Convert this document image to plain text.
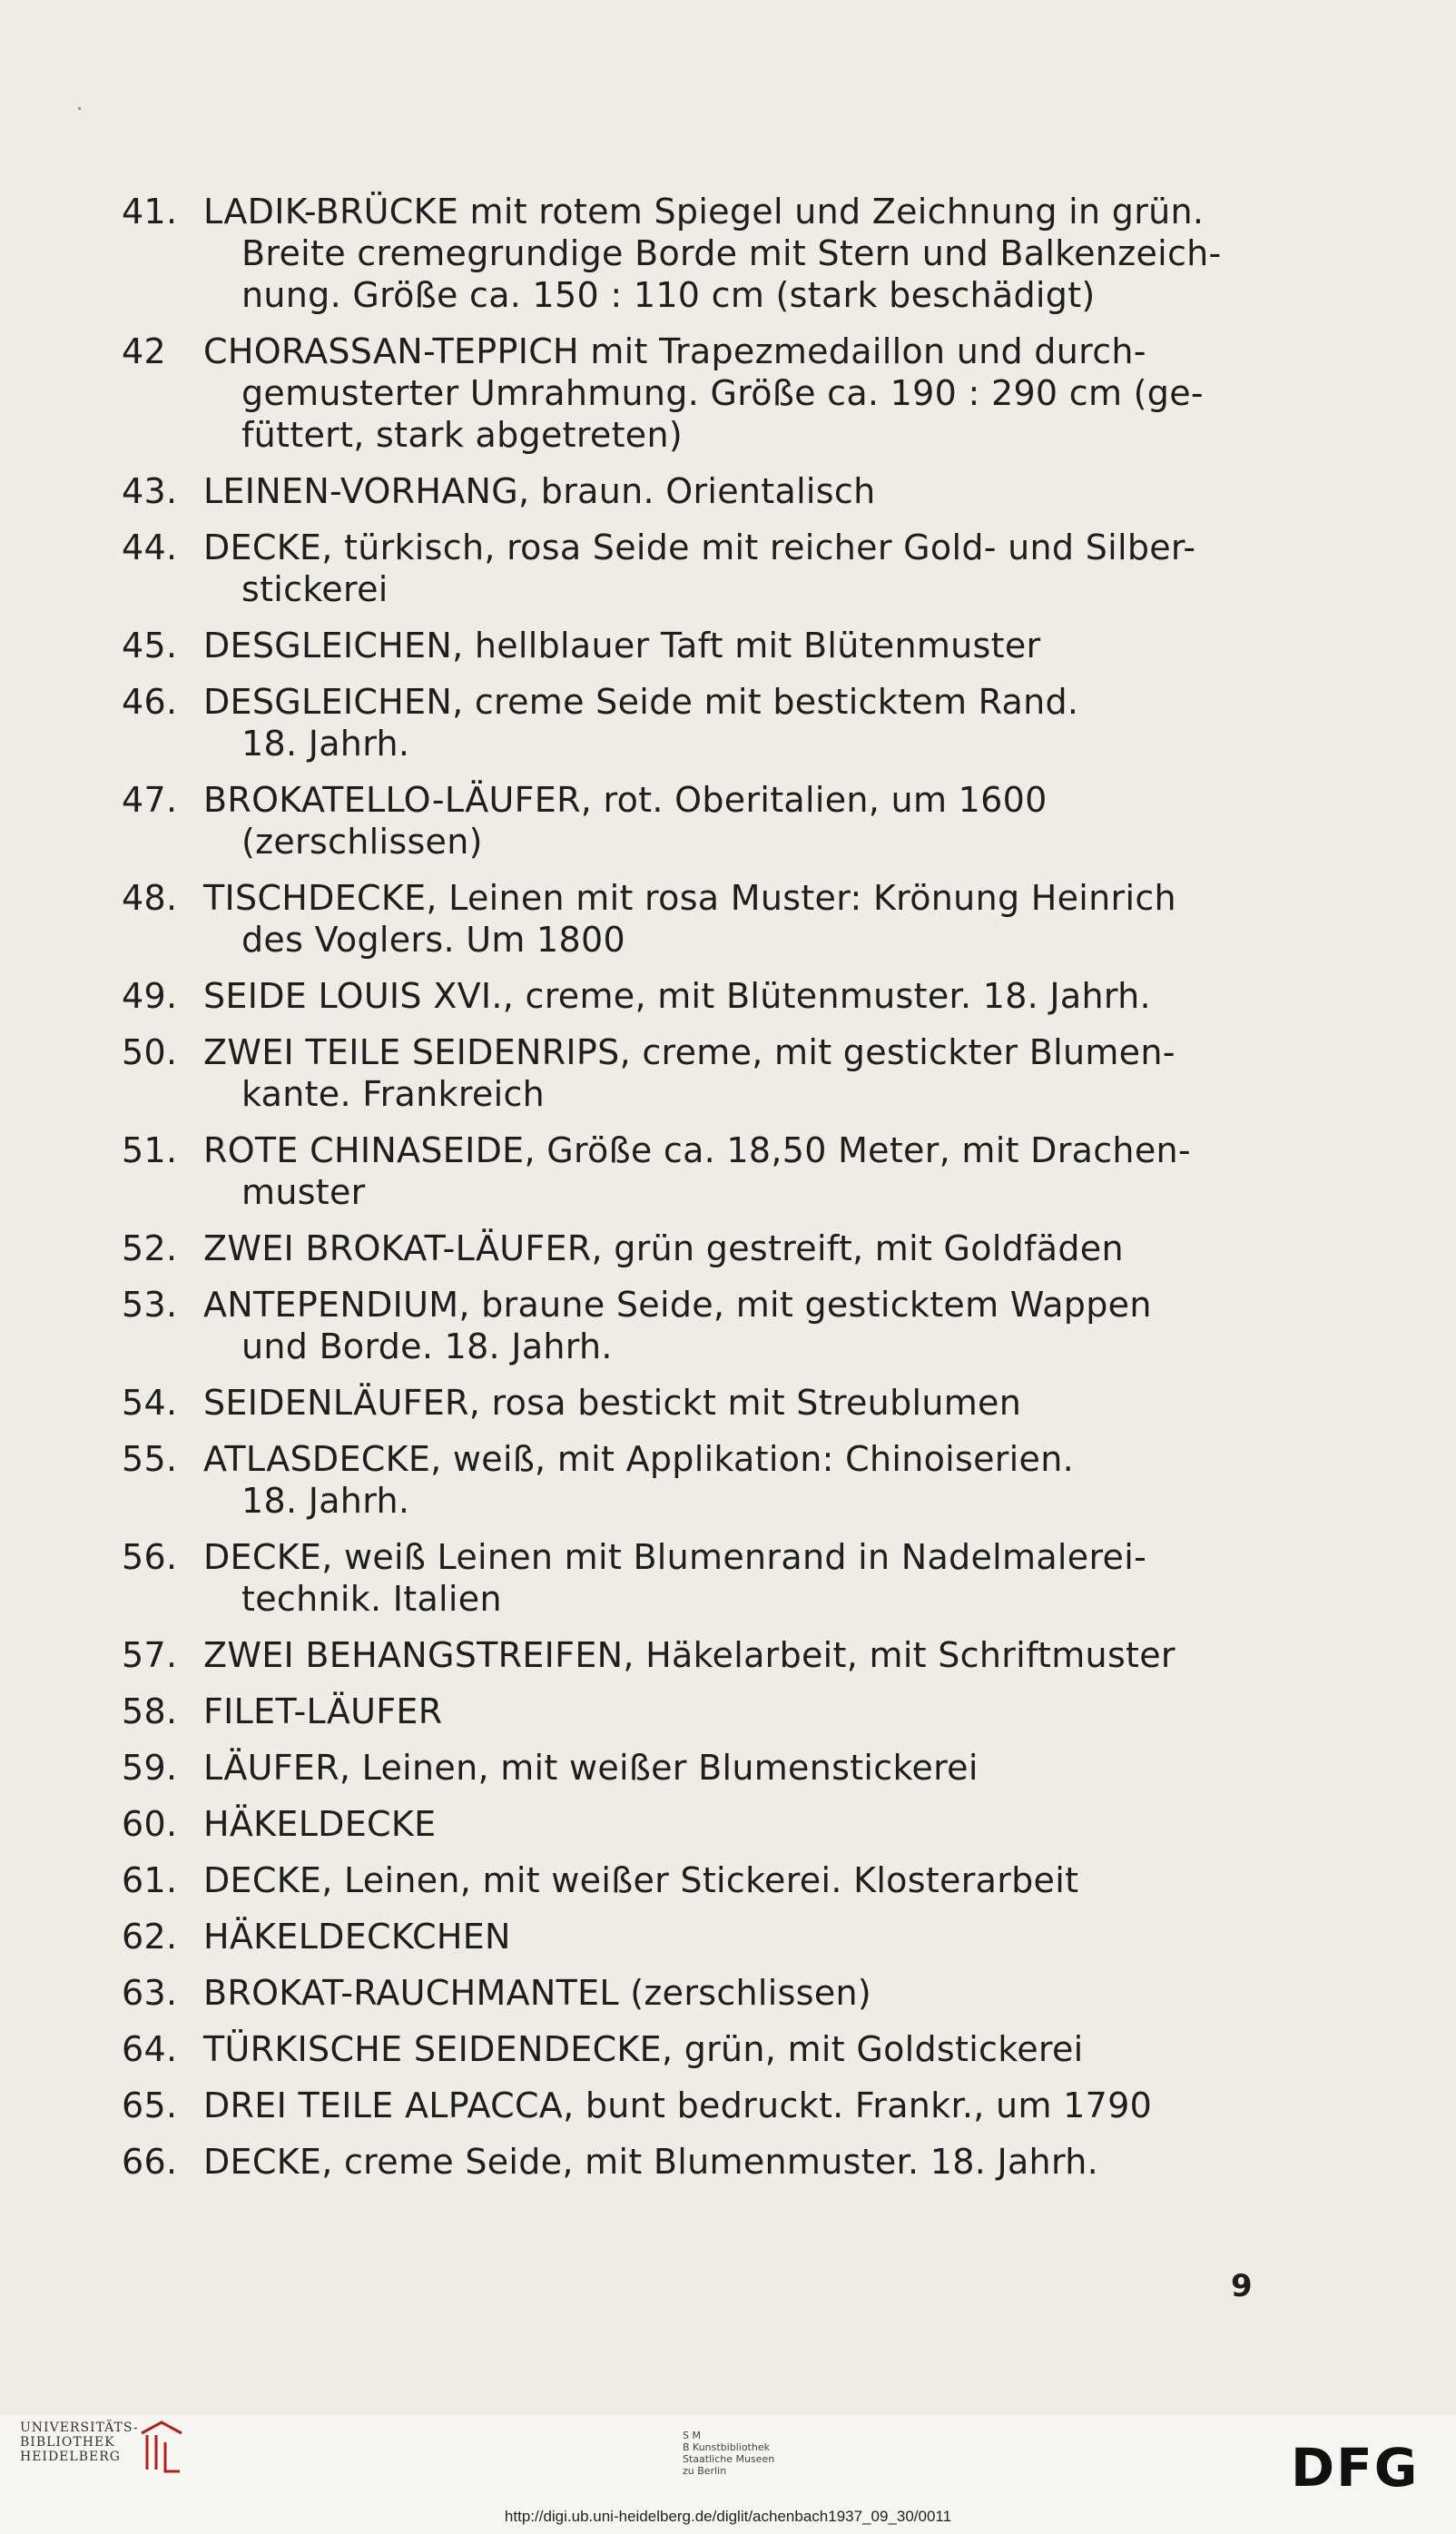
41. LADIK-BRÜCKE mit rotem Spiegel und Zeichnung in grün.
Breite cremegrundige Borde mit Stern und Balkenzeich-
nung. Größe ca. 150 : 110 cm (stark beschädigt)
42	CHORASSAN-TEPPICH mit Trapezmedaillon und durch-
gemusterter Umrahmung. Größe ca. 190 : 290 cm (ge-
füttert, stark abgetreten)
43. LEINEN-VORHANG, braun. Orientalisch
44. DECKE, türkisch, rosa Seide mit reicher Gold- und Silber-
stickerei
45. DESGLEICHEN, hellblauer Taft mit Blütenmuster
46. DESGLEICHEN, creme Seide mit besticktem Rand.
18. Jahrh.
47. BROKATELLO-LÄUFER, rot. Oberitalien, um 1600
(zerschlissen)
48. TISCHDECKE, Leinen mit rosa Muster: Krönung Heinrich
des Voglers. Um 1800
49. SEIDE LOUIS XVI., creme, mit Blütenmuster. 18. Jahrh.
50. ZWEI TEILE SEIDENRIPS, creme, mit gestickter Blumen-
kante. Frankreich
51. ROTE CHINASEIDE, Größe ca. 18,50 Meter, mit Drachen-
muster
52. ZWEI BROKAT-LÄUFER, grün gestreift, mit Goldfäden
53. ANTEPENDIUM, braune Seide, mit gesticktem Wappen
und Borde. 18. Jahrh.
54. SEIDENLÄUFER, rosa bestickt mit Streublumen
55. ATLASDECKE, weiß, mit Applikation: Chinoiserien.
18. Jahrh.
56. DECKE, weiß Leinen mit Blumenrand in Nadelmalerei-
technik. Italien
57. ZWEI BEHANGSTREIFEN, Häkelarbeit, mit Schriftmuster
58. FILET-LÄUFER
59. LÄUFER, Leinen, mit weißer Blumenstickerei
60. HÄKELDECKE
61. DECKE, Leinen, mit weißer Stickerei. Klosterarbeit
62. HÄKELDECKCHEN
63. BROKAT-RAUCHMANTEL (zerschlissen)
64. TÜRKISCHE SEIDENDECKE, grün, mit Goldstickerei
65. DREI TEILE ALPACCA, bunt bedruckt. Frankr., um 1790
66. DECKE, creme Seide, mit Blumenmuster. 18. Jahrh.
9
UNIVERSITÄTS-
BIBLIOTHEK
HEIDELBERG
S M
B Kunstbibliothek
Staatliche Museen
zu Berlin	DFG
http://digi.ub.uni-heidelberg.de/diglit/achenbach1937_09_30/0011
